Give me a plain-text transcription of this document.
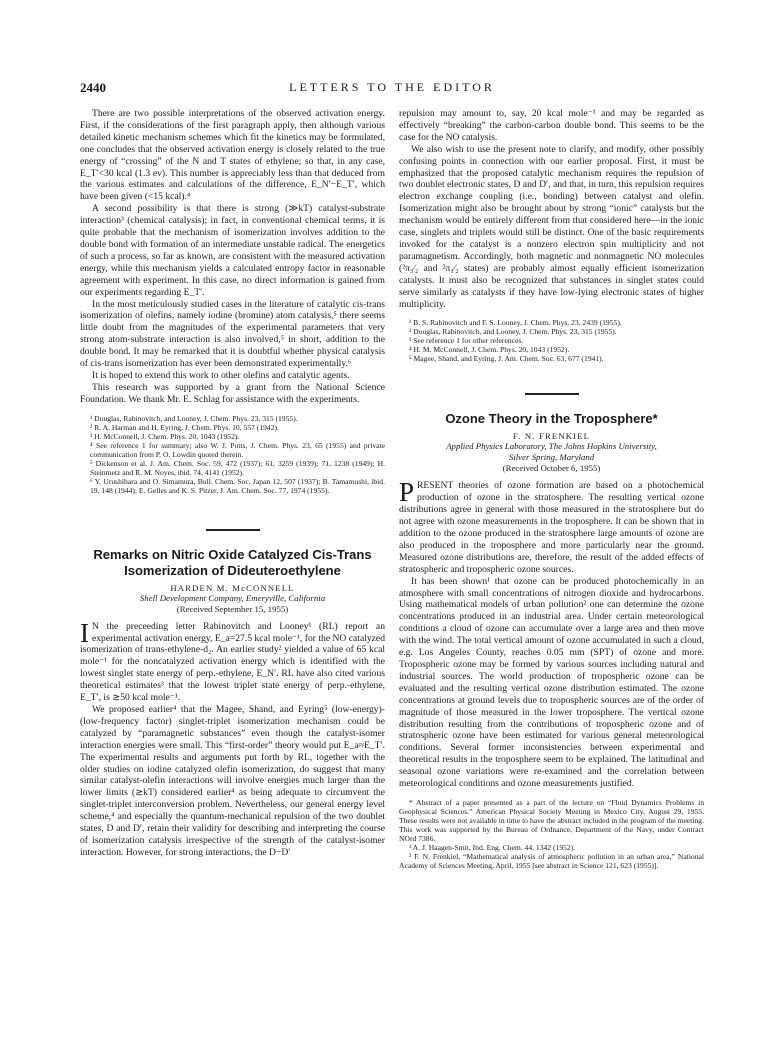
2440	LETTERS TO THE EDITOR

There are two possible interpretations of the observed activation energy. First, if the considerations of the first paragraph apply, then although various detailed kinetic mechanism schemes which fit the kinetics may be formulated, one concludes that the observed activation energy is closely related to the true energy of “crossing” of the N and T states of ethylene; so that, in any case, E_T′<30 kcal (1.3 ev). This number is appreciably less than that deduced from the various estimates and calculations of the difference, E_N′−E_T′, which have been given (<15 kcal).⁴

A second possibility is that there is strong (≫kT) catalyst-substrate interaction³ (chemical catalysis); in fact, in conventional chemical terms, it is quite probable that the mechanism of isomerization involves addition to the double bond with formation of an intermediate unstable radical. The energetics of such a process, so far as known, are consistent with the measured activation energy, while this mechanism yields a calculated entropy factor in reasonable agreement with experiment. In this case, no direct information is gained from our experiments regarding E_T′.

In the most meticulously studied cases in the literature of catalytic cis-trans isomerization of olefins, namely iodine (bromine) atom catalysis,⁵ there seems little doubt from the magnitudes of the experimental parameters that very strong atom-substrate interaction is also involved,⁵ in short, addition to the double bond. It may be remarked that it is doubtful whether physical catalysis of cis-trans isomerization has ever been demonstrated experimentally.⁶

It is hoped to extend this work to other olefins and catalytic agents.

This research was supported by a grant from the National Science Foundation. We thank Mr. E. Schlag for assistance with the experiments.

¹ Douglas, Rabinovitch, and Looney, J. Chem. Phys. 23, 315 (1955).
² R. A. Harman and H. Eyring, J. Chem. Phys. 10, 557 (1942).
³ H. McConnell, J. Chem. Phys. 20, 1043 (1952).
⁴ See reference 1 for summary; also W. J. Potts, J. Chem. Phys. 23, 65 (1955) and private communication from P. O. Lowdin quoted therein.
⁵ Dickenson et al. J. Am. Chem. Soc. 59, 472 (1937); 61, 3259 (1939); 71, 1238 (1949); H. Steinmetz and R. M. Noyes, ibid. 74, 4141 (1952).
⁶ Y. Urushibara and O. Simamura, Bull. Chem. Soc. Japan 12, 507 (1937); B. Tamamushi, ibid. 19, 148 (1944); E. Gelles and K. S. Pitzer, J. Am. Chem. Soc. 77, 1974 (1955).
Remarks on Nitric Oxide Catalyzed Cis-Trans Isomerization of Dideuteroethylene
HARDEN M. McCONNELL
Shell Development Company, Emeryville, California
(Received September 15, 1955)

I N the preceeding letter Rabinovitch and Looney¹ (RL) report an experimental activation energy, E_a=27.5 kcal mole⁻¹, for the NO catalyzed isomerization of trans-ethylene-d₂. An earlier study² yielded a value of 65 kcal mole⁻¹ for the noncatalyzed activation energy which is identified with the lowest singlet state energy of perp.-ethylene, E_N′. RL have also cited various theoretical estimates³ that the lowest triplet state energy of perp.-ethylene, E_T′, is ≳50 kcal mole⁻¹.

We proposed earlier⁴ that the Magee, Shand, and Eyring⁵ (low-energy)-(low-frequency factor) singlet-triplet isomerization mechanism could be catalyzed by “paramagnetic substances” even though the catalyst-isomer interaction energies were small. This “first-order” theory would put E_a≈E_T′. The experimental results and arguments put forth by RL, together with the older studies on iodine catalyzed olefin isomerization, do suggest that many similar catalyst-olefin interactions will involve energies much larger than the lower limits (≳kT) considered earlier⁴ as being adequate to circumvent the singlet-triplet interconversion problem. Nevertheless, our general energy level scheme,⁴ and especially the quantum-mechanical repulsion of the two doublet states, D and D′, retain their validity for describing and interpreting the course of isomerization catalysis irrespective of the strength of the catalyst-isomer interaction. However, for strong interactions, the D−D′

repulsion may amount to, say, 20 kcal mole⁻¹ and may be regarded as effectively “breaking” the carbon-carbon double bond. This seems to be the case for the NO catalysis.

We also wish to use the present note to clarify, and modify, other possibly confusing points in connection with our earlier proposal. First, it must be emphasized that the proposed catalytic mechanism requires the repulsion of two doublet electronic states, D and D′, and that, in turn, this repulsion requires electron exchange coupling (i.e., bonding) between catalyst and olefin. Isomerization might also be brought about by strong “ionic” catalysts but the mechanism would be entirely different from that considered here—in the ionic case, singlets and triplets would still be distinct. One of the basic requirements invoked for the catalyst is a nonzero electron spin multiplicity and not paramagnetism. Accordingly, both magnetic and nonmagnetic NO molecules (²π₃⁄₂ and ²π₁⁄₂ states) are probably almost equally efficient isomerization catalysts. It must also be recognized that substances in singlet states could serve similarly as catalysts if they have low-lying electronic states of higher multiplicity.

¹ B. S. Rabinovitch and F. S. Looney, J. Chem. Phys. 23, 2439 (1955).
² Douglas, Rabinovitch, and Looney, J. Chem. Phys. 23, 315 (1955).
³ See reference 1 for other references.
⁴ H. M. McConnell, J. Chem. Phys. 20, 1043 (1952).
⁵ Magee, Shand, and Eyring, J. Am. Chem. Soc. 63, 677 (1941).
Ozone Theory in the Troposphere*
F. N. FRENKIEL
Applied Physics Laboratory, The Johns Hopkins University,
Silver Spring, Maryland
(Received October 6, 1955)

PRESENT theories of ozone formation are based on a photochemical production of ozone in the stratosphere. The resulting vertical ozone distributions agree in general with those measured in the stratosphere but do not agree with ozone measurements in the troposphere. It can be shown that in addition to the ozone produced in the stratosphere large amounts of ozone are also produced in the troposphere and more particularly near the ground. Measured ozone distributions are, therefore, the result of the added effects of stratospheric and tropospheric ozone sources.

It has been shown¹ that ozone can be produced photochemically in an atmosphere with small concentrations of nitrogen dioxide and hydrocarbons. Using mathematical models of urban pollution² one can determine the ozone concentrations produced in an industrial area. Under certain meteorological conditions a cloud of ozone can accumulate over a large area and then move with the wind. The total vertical amount of ozone accumulated in such a cloud, e.g. Los Angeles County, reaches 0.05 mm (SPT) of ozone and more. Tropospheric ozone may be formed by various sources including natural and industrial sources. The world production of tropospheric ozone can be evaluated and the resulting vertical ozone distribution estimated. The ozone concentrations at ground levels due to tropospheric sources are of the order of magnitude of those measured in the lower troposphere. The vertical ozone distribution resulting from the contributions of tropospheric ozone and of stratospheric ozone have been estimated for various general meteorological conditions. Several former inconsistencies between experimental and theoretical results in the troposphere seem to be explained. The latitudinal and seasonal ozone variations were re-examined and the correlation between meteorological conditions and ozone measurements justified.

* Abstract of a paper presented as a part of the lecture on “Fluid Dynamics Problems in Geophysical Sciences.” American Physical Society Meeting in Mexico City, August 29, 1955. These results were not available in time to have the abstract included in the program of the meeting. This work was supported by the Bureau of Ordnance, Department of the Navy, under Contract NOrd 7386.
¹ A. J. Haagen-Smit, Ind. Eng. Chem. 44, 1342 (1952).
² F. N. Frenkiel, “Mathematical analysis of atmospheric pollution in an urban area,” National Academy of Sciences Meeting, April, 1955 [see abstract in Science 121, 623 (1955)].
